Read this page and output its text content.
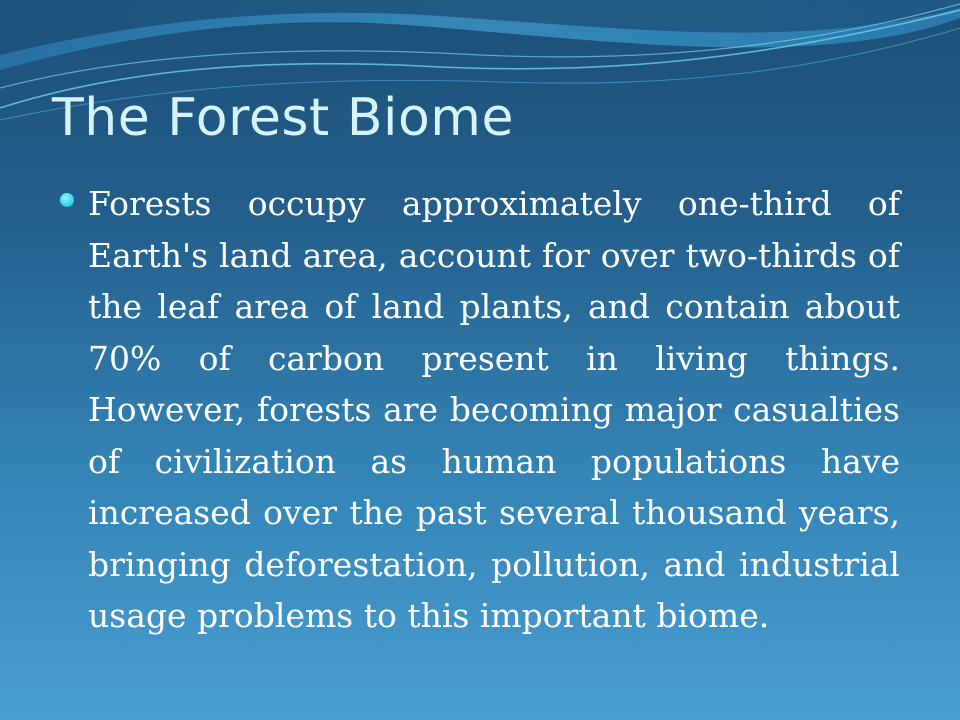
The Forest Biome

Forests occupy approximately one-third of Earth's land area, account for over two-thirds of the leaf area of land plants, and contain about 70% of carbon present in living things. However, forests are becoming major casualties of civilization as human populations have increased over the past several thousand years, bringing deforestation, pollution, and industrial usage problems to this important biome.
